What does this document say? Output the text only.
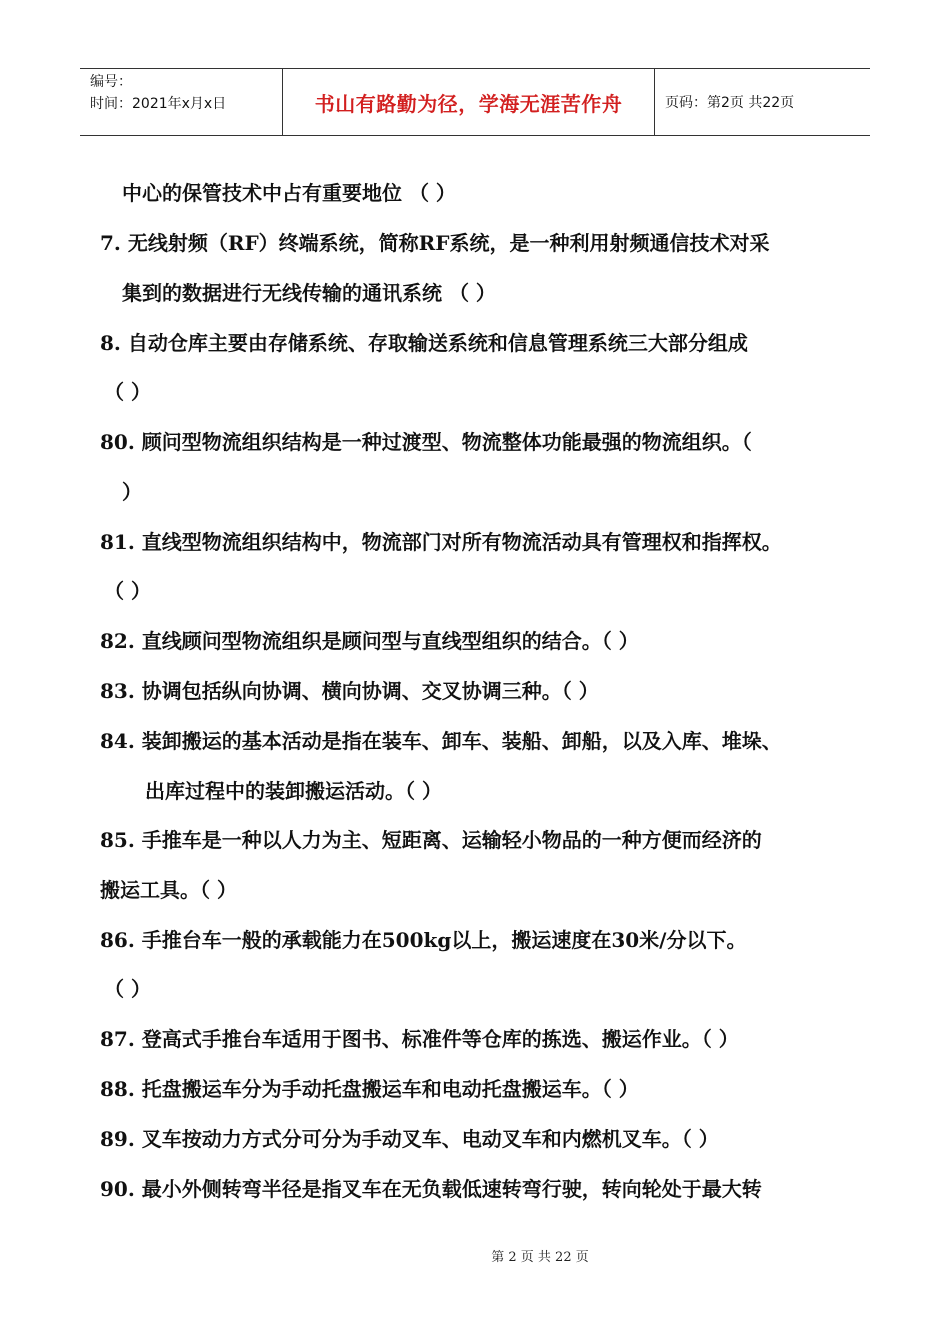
编号：
时间：2021年x月x日	书山有路勤为径，学海无涯苦作舟	页码：第2页 共22页
中心的保管技术中占有重要地位 （ ）
7. 无线射频（RF）终端系统，简称RF系统，是一种利用射频通信技术对采
集到的数据进行无线传输的通讯系统 （ ）
8. 自动仓库主要由存储系统、存取输送系统和信息管理系统三大部分组成
（ ）
80. 顾问型物流组织结构是一种过渡型、物流整体功能最强的物流组织。（
）
81. 直线型物流组织结构中，物流部门对所有物流活动具有管理权和指挥权。
（ ）
82. 直线顾问型物流组织是顾问型与直线型组织的结合。（ ）
83. 协调包括纵向协调、横向协调、交叉协调三种。（ ）
84. 装卸搬运的基本活动是指在装车、卸车、装船、卸船，以及入库、堆垛、
出库过程中的装卸搬运活动。（ ）
85. 手推车是一种以人力为主、短距离、运输轻小物品的一种方便而经济的
搬运工具。（ ）
86. 手推台车一般的承载能力在500kg以上，搬运速度在30米/分以下。
（ ）
87. 登高式手推台车适用于图书、标准件等仓库的拣选、搬运作业。（ ）
88. 托盘搬运车分为手动托盘搬运车和电动托盘搬运车。（ ）
89. 叉车按动力方式分可分为手动叉车、电动叉车和内燃机叉车。（ ）
90. 最小外侧转弯半径是指叉车在无负载低速转弯行驶，转向轮处于最大转
第 2 页 共 22 页
